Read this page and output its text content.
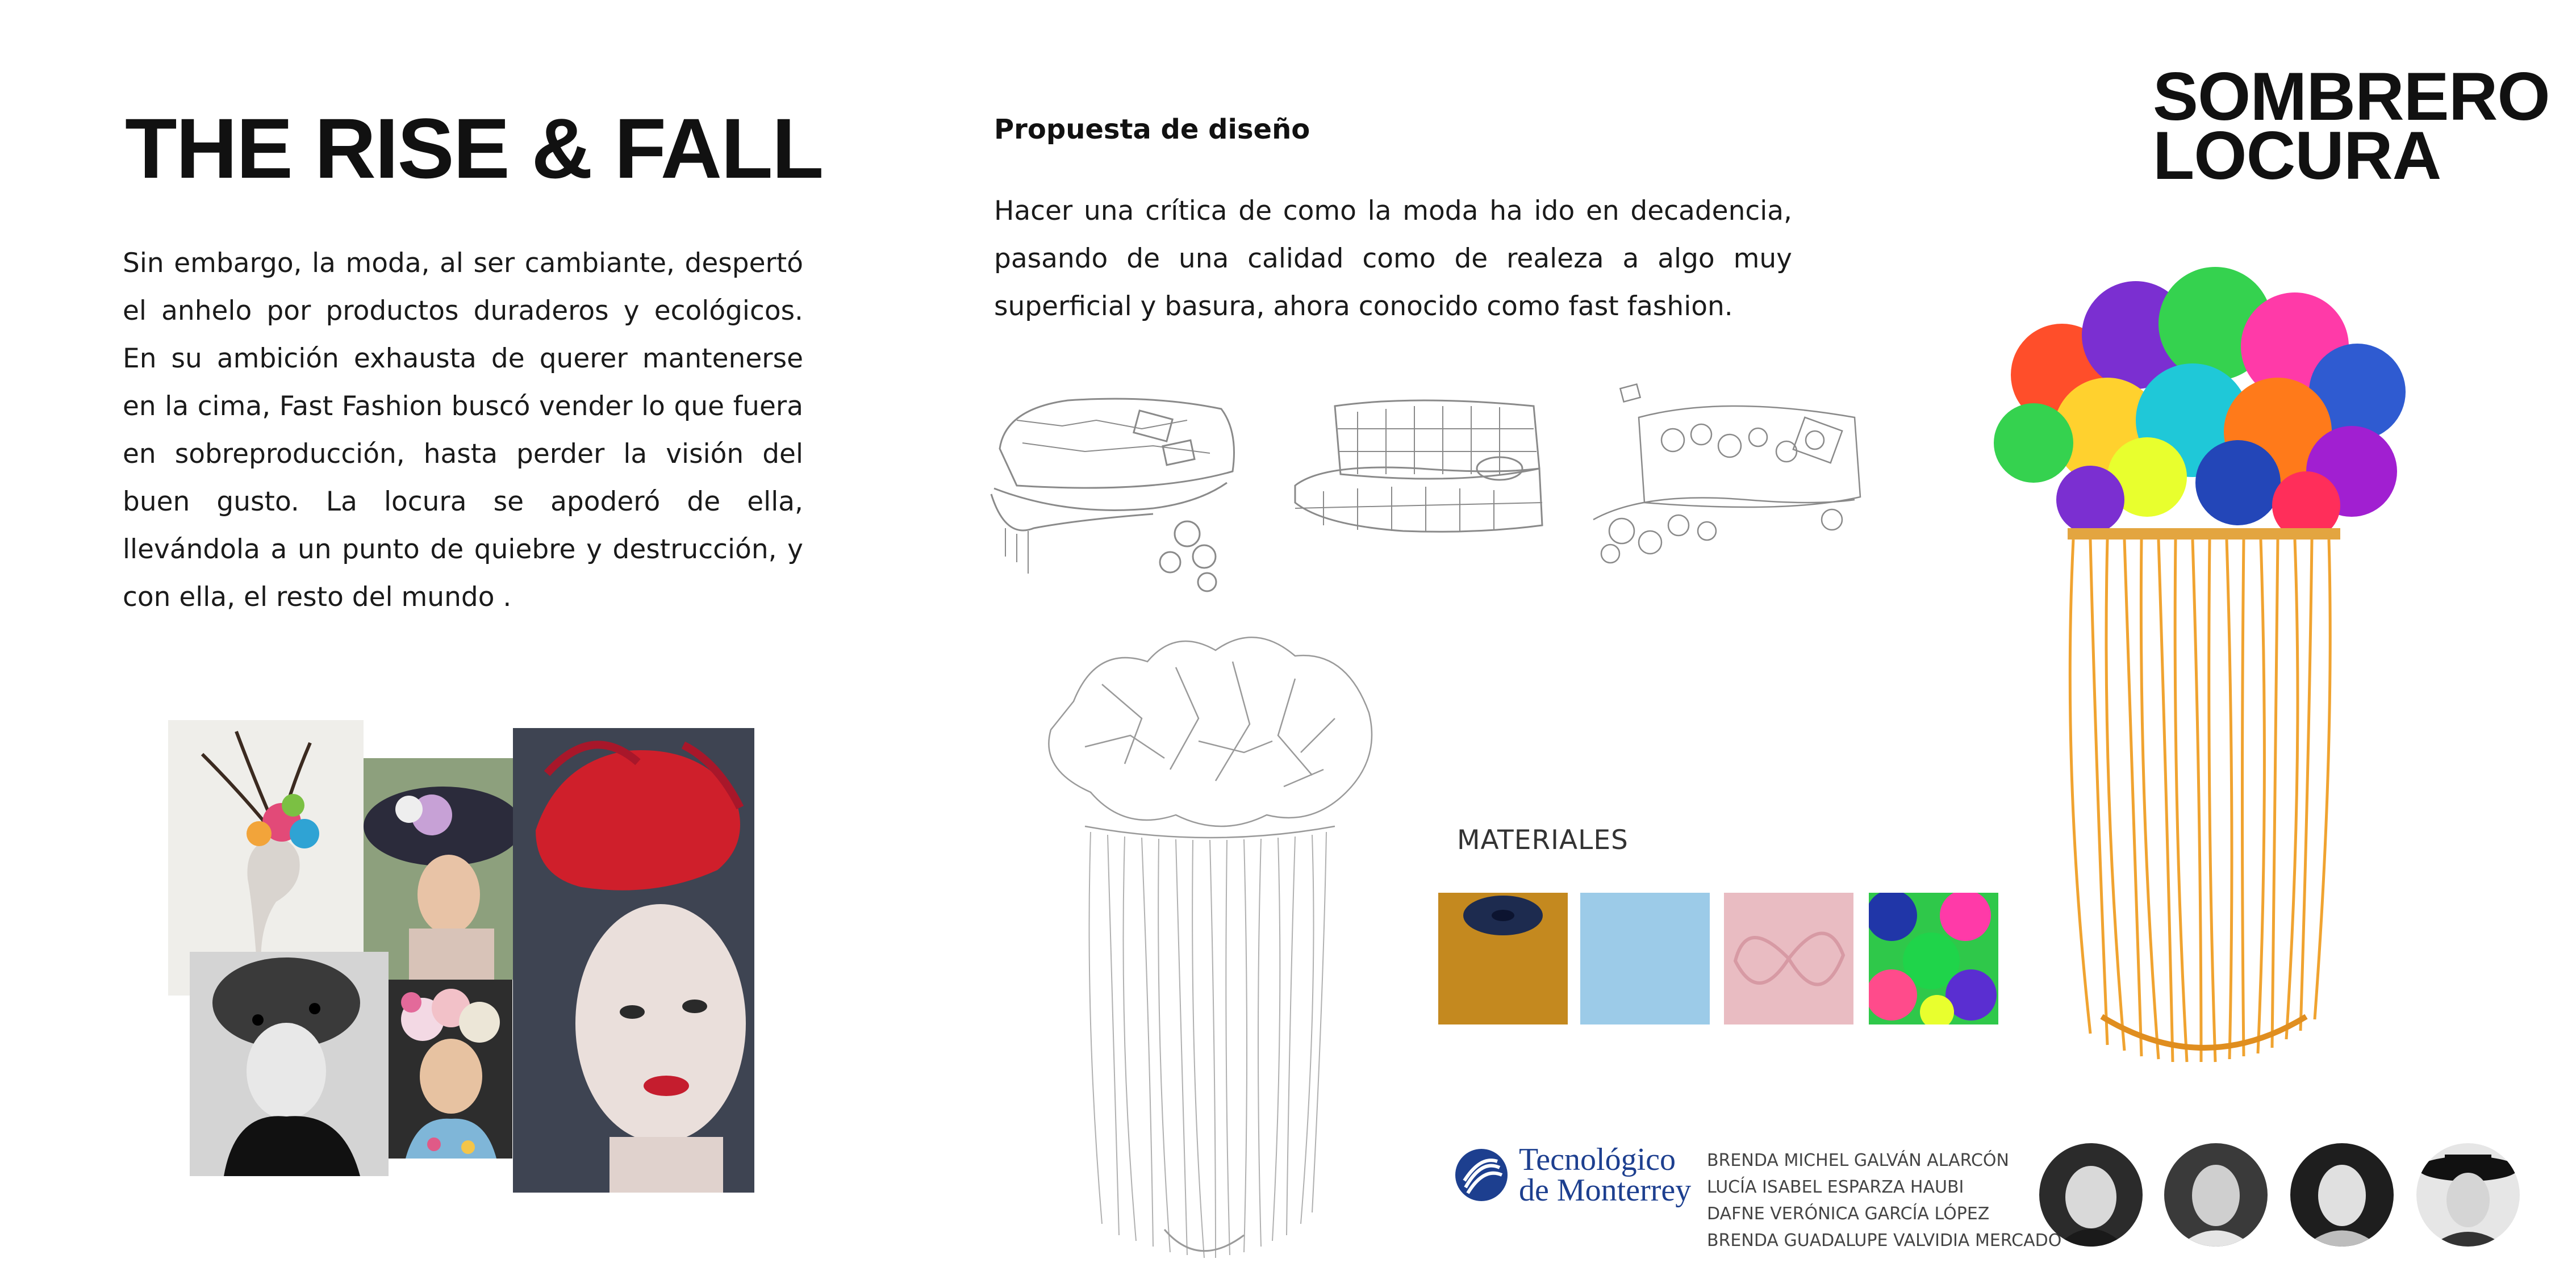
THE RISE & FALL
Sin embargo, la moda, al ser cambiante, despertó el anhelo por productos duraderos y ecológicos. En su ambición exhausta de querer mantenerse en la cima, Fast Fashion buscó vender lo que fuera en sobreproducción, hasta perder la visión del buen gusto. La locura se apoderó de ella, llevándola a un punto de quiebre y destrucción, y con ella, el resto del mundo .
Propuesta de diseño
Hacer una crítica de como la moda ha ido en decadencia, pasando de una calidad como de realeza a algo muy superficial y basura, ahora conocido como fast fashion.
SOMBRERO
LOCURA
MATERIALES
Tecnológico
de Monterrey
BRENDA MICHEL GALVÁN ALARCÓN
LUCÍA ISABEL ESPARZA HAUBI
DAFNE VERÓNICA GARCÍA LÓPEZ
BRENDA GUADALUPE VALVIDIA MERCADO
